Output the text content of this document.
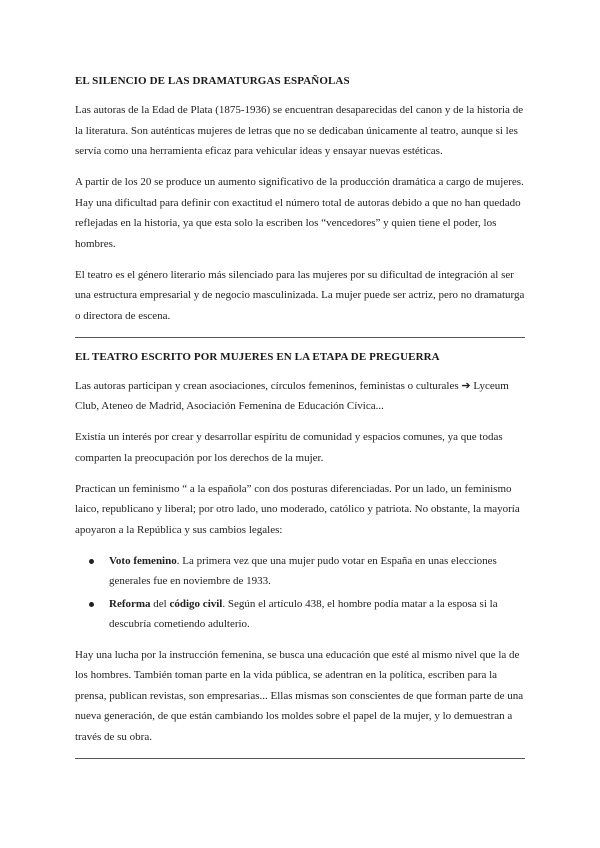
EL SILENCIO DE LAS DRAMATURGAS ESPAÑOLAS

Las autoras de la Edad de Plata (1875-1936) se encuentran desaparecidas del canon y de la historia de la literatura. Son auténticas mujeres de letras que no se dedicaban únicamente al teatro, aunque si les servía como una herramienta eficaz para vehicular ideas y ensayar nuevas estéticas.

A partir de los 20 se produce un aumento significativo de la producción dramática a cargo de mujeres. Hay una dificultad para definir con exactitud el número total de autoras debido a que no han quedado reflejadas en la historia, ya que esta solo la escriben los “vencedores” y quien tiene el poder, los hombres.

El teatro es el género literario más silenciado para las mujeres por su dificultad de integración al ser una estructura empresarial y de negocio masculinizada. La mujer puede ser actriz, pero no dramaturga o directora de escena.

EL TEATRO ESCRITO POR MUJERES EN LA ETAPA DE PREGUERRA

Las autoras participan y crean asociaciones, círculos femeninos, feministas o culturales ➔ Lyceum Club, Ateneo de Madrid, Asociación Femenina de Educación Cívica...

Existía un interés por crear y desarrollar espíritu de comunidad y espacios comunes, ya que todas comparten la preocupación por los derechos de la mujer.

Practican un feminismo “ a la española” con dos posturas diferenciadas. Por un lado, un feminismo laico, republicano y liberal; por otro lado, uno moderado, católico y patriota. No obstante, la mayoría apoyaron a la República y sus cambios legales:

Voto femenino. La primera vez que una mujer pudo votar en España en unas elecciones generales fue en noviembre de 1933.
Reforma del código civil. Según el artículo 438, el hombre podía matar a la esposa si la descubría cometiendo adulterio.

Hay una lucha por la instrucción femenina, se busca una educación que esté al mismo nivel que la de los hombres. También toman parte en la vida pública, se adentran en la política, escriben para la prensa, publican revistas, son empresarias... Ellas mismas son conscientes de que forman parte de una nueva generación, de que están cambiando los moldes sobre el papel de la mujer, y lo demuestran a través de su obra.
